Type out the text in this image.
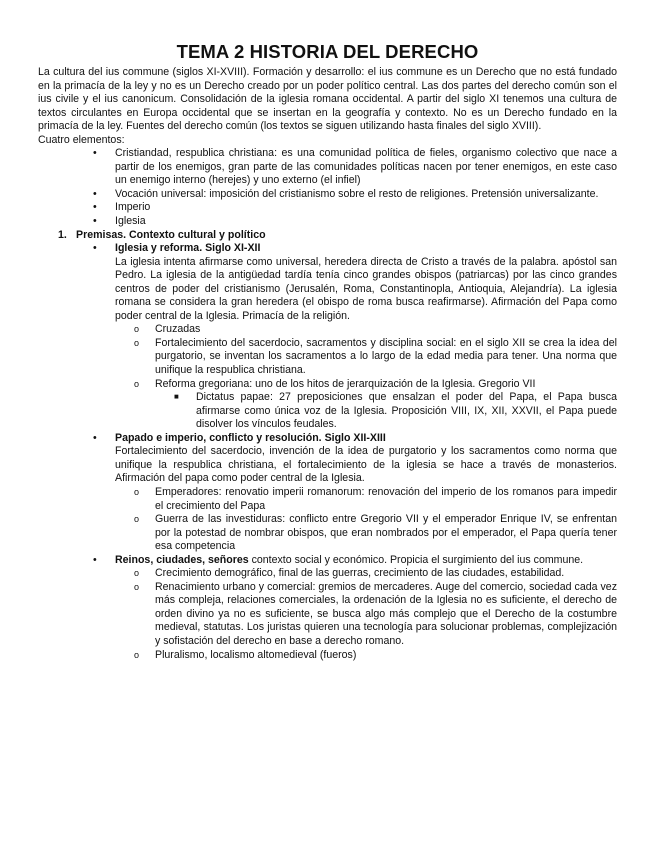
TEMA 2 HISTORIA DEL DERECHO

La cultura del ius commune (siglos XI-XVIII). Formación y desarrollo: el ius commune es un Derecho que no está fundado en la primacía de la ley y no es un Derecho creado por un poder político central. Las dos partes del derecho común son el ius civile y el ius canonicum. Consolidación de la iglesia romana occidental. A partir del siglo XI tenemos una cultura de textos circulantes en Europa occidental que se insertan en la geografía y contexto. No es un Derecho fundado en la primacía de la ley. Fuentes del derecho común (los textos se siguen utilizando hasta finales del siglo XVIII).

Cuatro elementos:

• Cristiandad, respublica christiana: es una comunidad política de fieles, organismo colectivo que nace a partir de los enemigos, gran parte de las comunidades políticas nacen por tener enemigos, en este caso un enemigo interno (herejes) y uno externo (el infiel)
• Vocación universal: imposición del cristianismo sobre el resto de religiones. Pretensión universalizante.
• Imperio
• Iglesia
1. Premisas. Contexto cultural y político
• Iglesia y reforma. Siglo XI-XII
La iglesia intenta afirmarse como universal, heredera directa de Cristo a través de la palabra. apóstol san Pedro. La iglesia de la antigüedad tardía tenía cinco grandes obispos (patriarcas) por las cinco grandes centros de poder del cristianismo (Jerusalén, Roma, Constantinopla, Antioquia, Alejandría). La iglesia romana se considera la gran heredera (el obispo de roma busca reafirmarse). Afirmación del Papa como poder central de la Iglesia. Primacía de la religión.
o Cruzadas
o Fortalecimiento del sacerdocio, sacramentos y disciplina social: en el siglo XII se crea la idea del purgatorio, se inventan los sacramentos a lo largo de la edad media para tener. Una norma que unifique la respublica christiana.
o Reforma gregoriana: uno de los hitos de jerarquización de la Iglesia. Gregorio VII
■ Dictatus papae: 27 preposiciones que ensalzan el poder del Papa, el Papa busca afirmarse como única voz de la Iglesia. Proposición VIII, IX, XII, XXVII, el Papa puede disolver los vínculos feudales.
• Papado e imperio, conflicto y resolución. Siglo XII-XIII
Fortalecimiento del sacerdocio, invención de la idea de purgatorio y los sacramentos como norma que unifique la respublica christiana, el fortalecimiento de la iglesia se hace a través de monasterios. Afirmación del papa como poder central de la Iglesia.
o Emperadores: renovatio imperii romanorum: renovación del imperio de los romanos para impedir el crecimiento del Papa
o Guerra de las investiduras: conflicto entre Gregorio VII y el emperador Enrique IV, se enfrentan por la potestad de nombrar obispos, que eran nombrados por el emperador, el Papa quería tener esa competencia
• Reinos, ciudades, señores contexto social y económico. Propicia el surgimiento del ius commune.
o Crecimiento demográfico, final de las guerras, crecimiento de las ciudades, estabilidad.
o Renacimiento urbano y comercial: gremios de mercaderes. Auge del comercio, sociedad cada vez más compleja, relaciones comerciales, la ordenación de la Iglesia no es suficiente, el derecho de orden divino ya no es suficiente, se busca algo más complejo que el Derecho de la costumbre medieval, statutas. Los juristas quieren una tecnología para solucionar problemas, complejización y sofistación del derecho en base a derecho romano.
o Pluralismo, localismo altomedieval (fueros)
